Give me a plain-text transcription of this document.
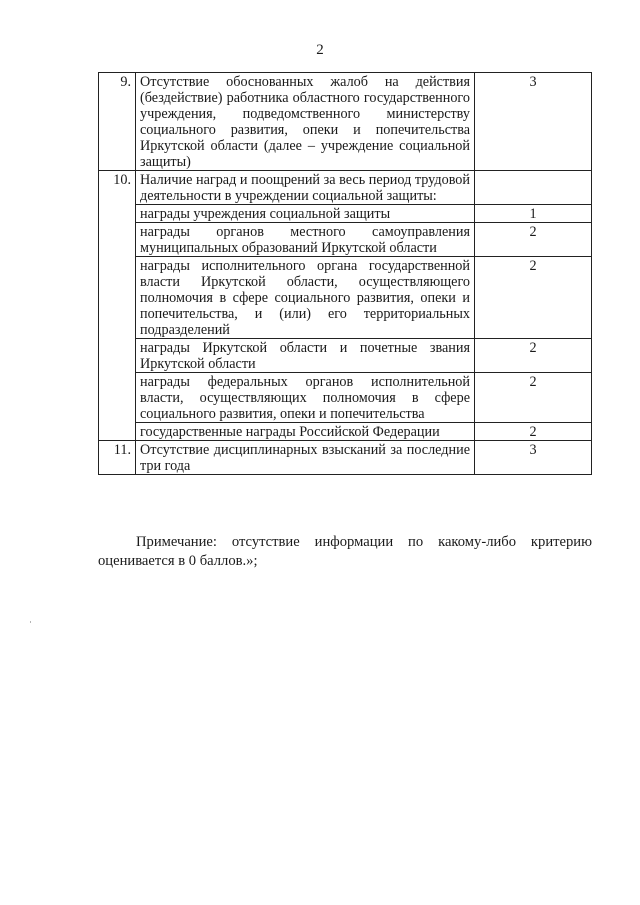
2
9.	Отсутствие обоснованных жалоб на действия (бездействие) работника областного государственного учреждения, подведомственного министерству социального развития, опеки и попечительства Иркутской области (далее – учреждение социальной защиты)	3
10.	Наличие наград и поощрений за весь период трудовой деятельности в учреждении социальной защиты:	
	награды учреждения социальной защиты	1
	награды органов местного самоуправления муниципальных образований Иркутской области	2
	награды исполнительного органа государственной власти Иркутской области, осуществляющего полномочия в сфере социального развития, опеки и попечительства, и (или) его территориальных подразделений	2
	награды Иркутской области и почетные звания Иркутской области	2
	награды федеральных органов исполнительной власти, осуществляющих полномочия в сфере социального развития, опеки и попечительства	2
	государственные награды Российской Федерации	2
11.	Отсутствие дисциплинарных взысканий за последние три года	3
Примечание: отсутствие информации по какому-либо критерию
оценивается в 0 баллов.»;
